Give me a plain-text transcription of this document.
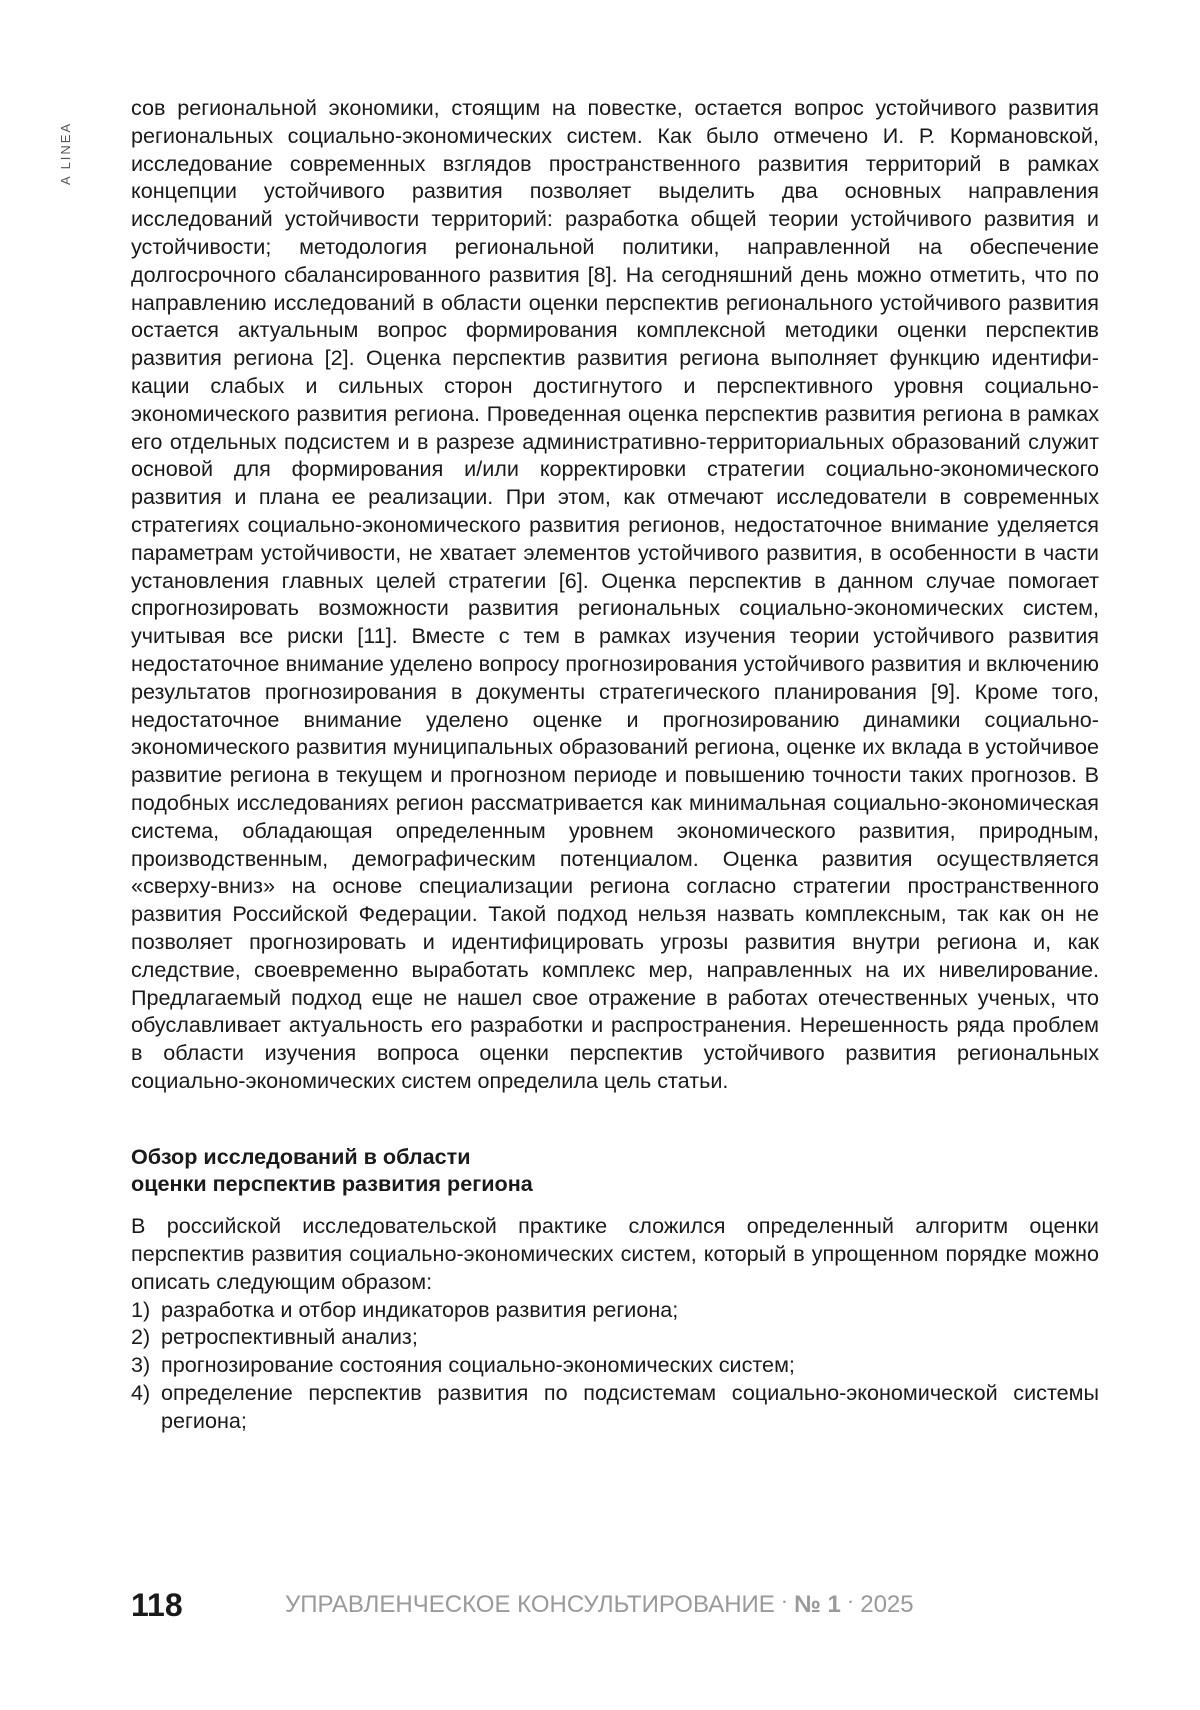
A LINEA

сов региональной экономики, стоящим на повестке, остается вопрос устойчивого развития региональных социально-экономических систем. Как было отмечено И. Р. Кормановской, исследование современных взглядов пространственного развития территорий в рамках концепции устойчивого развития позволяет выделить два основных направления исследований устойчивости территорий: разработка общей теории устойчивого развития и устойчивости; методология региональной политики, направленной на обеспечение долгосрочного сбалансированного развития [8]. На сегодняшний день можно отметить, что по направлению исследований в области оценки перспектив регионального устойчивого развития остается актуальным вопрос формирования комплексной методики оценки перспектив развития региона [2]. Оценка перспектив развития региона выполняет функцию идентификации слабых и сильных сторон достигнутого и перспективного уровня социально-экономического развития региона. Проведенная оценка перспектив развития региона в рамках его отдельных подсистем и в разрезе административно-территориальных образований служит основой для формирования и/или корректировки стратегии социально-экономического развития и плана ее реализации. При этом, как отмечают исследователи в современных стратегиях социально-экономического развития регионов, недостаточное внимание уделяется параметрам устойчивости, не хватает элементов устойчивого развития, в особенности в части установления главных целей стратегии [6]. Оценка перспектив в данном случае помогает спрогнозировать возможности развития региональных социально-экономических систем, учитывая все риски [11]. Вместе с тем в рамках изучения теории устойчивого развития недостаточное внимание уделено вопросу прогнозирования устойчивого развития и включению результатов прогнозирования в документы стратегического планирования [9]. Кроме того, недостаточное внимание уделено оценке и прогнозированию динамики социально-экономического развития муниципальных образований региона, оценке их вклада в устойчивое развитие региона в текущем и прогнозном периоде и повышению точности таких прогнозов. В подобных исследованиях регион рассматривается как минимальная социально-экономическая система, обладающая определенным уровнем экономического развития, природным, производственным, демографическим потенциалом. Оценка развития осуществляется «сверху-вниз» на основе специализации региона согласно стратегии пространственного развития Российской Федерации. Такой подход нельзя назвать комплексным, так как он не позволяет прогнозировать и идентифицировать угрозы развития внутри региона и, как следствие, своевременно выработать комплекс мер, направленных на их нивелирование. Предлагаемый подход еще не нашел свое отражение в работах отечественных ученых, что обуславливает актуальность его разработки и распространения. Нерешенность ряда проблем в области изучения вопроса оценки перспектив устойчивого развития региональных социально-экономических систем определила цель статьи.

Обзор исследований в области
оценки перспектив развития региона

В российской исследовательской практике сложился определенный алгоритм оценки перспектив развития социально-экономических систем, который в упрощенном порядке можно описать следующим образом:

1) разработка и отбор индикаторов развития региона;
2) ретроспективный анализ;
3) прогнозирование состояния социально-экономических систем;
4) определение перспектив развития по подсистемам социально-экономической системы региона;
118	УПРАВЛЕНЧЕСКОЕ КОНСУЛЬТИРОВАНИЕ · № 1 · 2025
